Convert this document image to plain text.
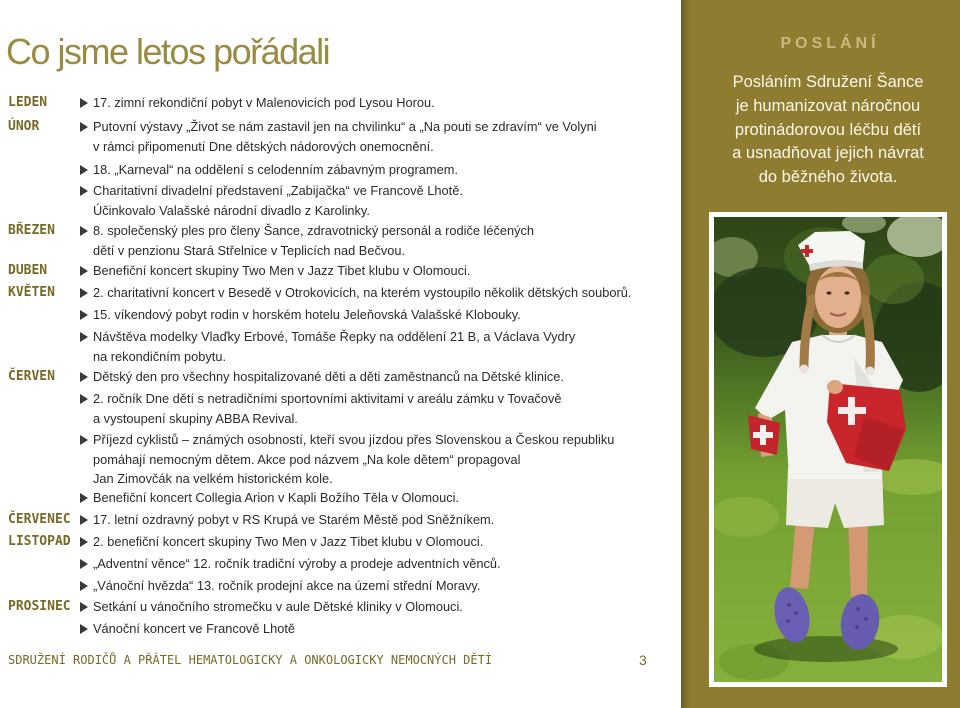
Co jsme letos pořádali
LEDEN
ÚNOR
BŘEZEN
DUBEN
KVĚTEN
ČERVEN
ČERVENEC
LISTOPAD
PROSINEC
17. zimní rekondiční pobyt v Malenovicích pod Lysou Horou.
Putovní výstavy „Život se nám zastavil jen na chvilinku“ a „Na pouti se zdravím“ ve Volyni
v rámci připomenutí Dne dětských nádorových onemocnění.
18. „Karneval“ na oddělení s celodenním zábavným programem.
Charitativní divadelní představení „Zabijačka“ ve Francově Lhotě.
Účinkovalo Valašské národní divadlo z Karolinky.
8. společenský ples pro členy Šance, zdravotnický personál a rodiče léčených
dětí v penzionu Stará Střelnice v Teplicích nad Bečvou.
Benefiční koncert skupiny Two Men v Jazz Tibet klubu v Olomouci.
2. charitativní koncert v Besedě v Otrokovicích, na kterém vystoupilo několik dětských souborů.
15. víkendový pobyt rodin v horském hotelu Jeleňovská Valašské Klobouky.
Návštěva modelky Vlaďky Erbové, Tomáše Řepky na oddělení 21 B, a Václava Vydry
na rekondičním pobytu.
Dětský den pro všechny hospitalizované děti a děti zaměstnanců na Dětské klinice.
2. ročník Dne dětí s netradičními sportovními aktivitami v areálu zámku v Tovačově
a vystoupení skupiny ABBA Revival.
Příjezd cyklistů – známých osobností, kteří svou jízdou přes Slovenskou a Českou republiku
pomáhají nemocným dětem. Akce pod názvem „Na kole dětem“ propagoval
Jan Zimovčák na velkém historickém kole.
Benefiční koncert Collegia Arion v Kapli Božího Těla v Olomouci.
17. letní ozdravný pobyt v RS Krupá ve Starém Městě pod Sněžníkem.
2. benefiční koncert skupiny Two Men v Jazz Tibet klubu v Olomouci.
„Adventní věnce“ 12. ročník tradiční výroby a prodeje adventních věnců.
„Vánoční hvězda“ 13. ročník prodejní akce na území střední Moravy.
Setkání u vánočního stromečku v aule Dětské kliniky v Olomouci.
Vánoční koncert ve Francově Lhotě
SDRUŽENÍ RODIČŮ A PŘÁTEL HEMATOLOGICKY A ONKOLOGICKY NEMOCNÝCH DĚTÍ	3
POSLÁNÍ
Posláním Sdružení Šance
je humanizovat náročnou
protinádorovou léčbu dětí
a usnadňovat jejich návrat
do běžného života.
